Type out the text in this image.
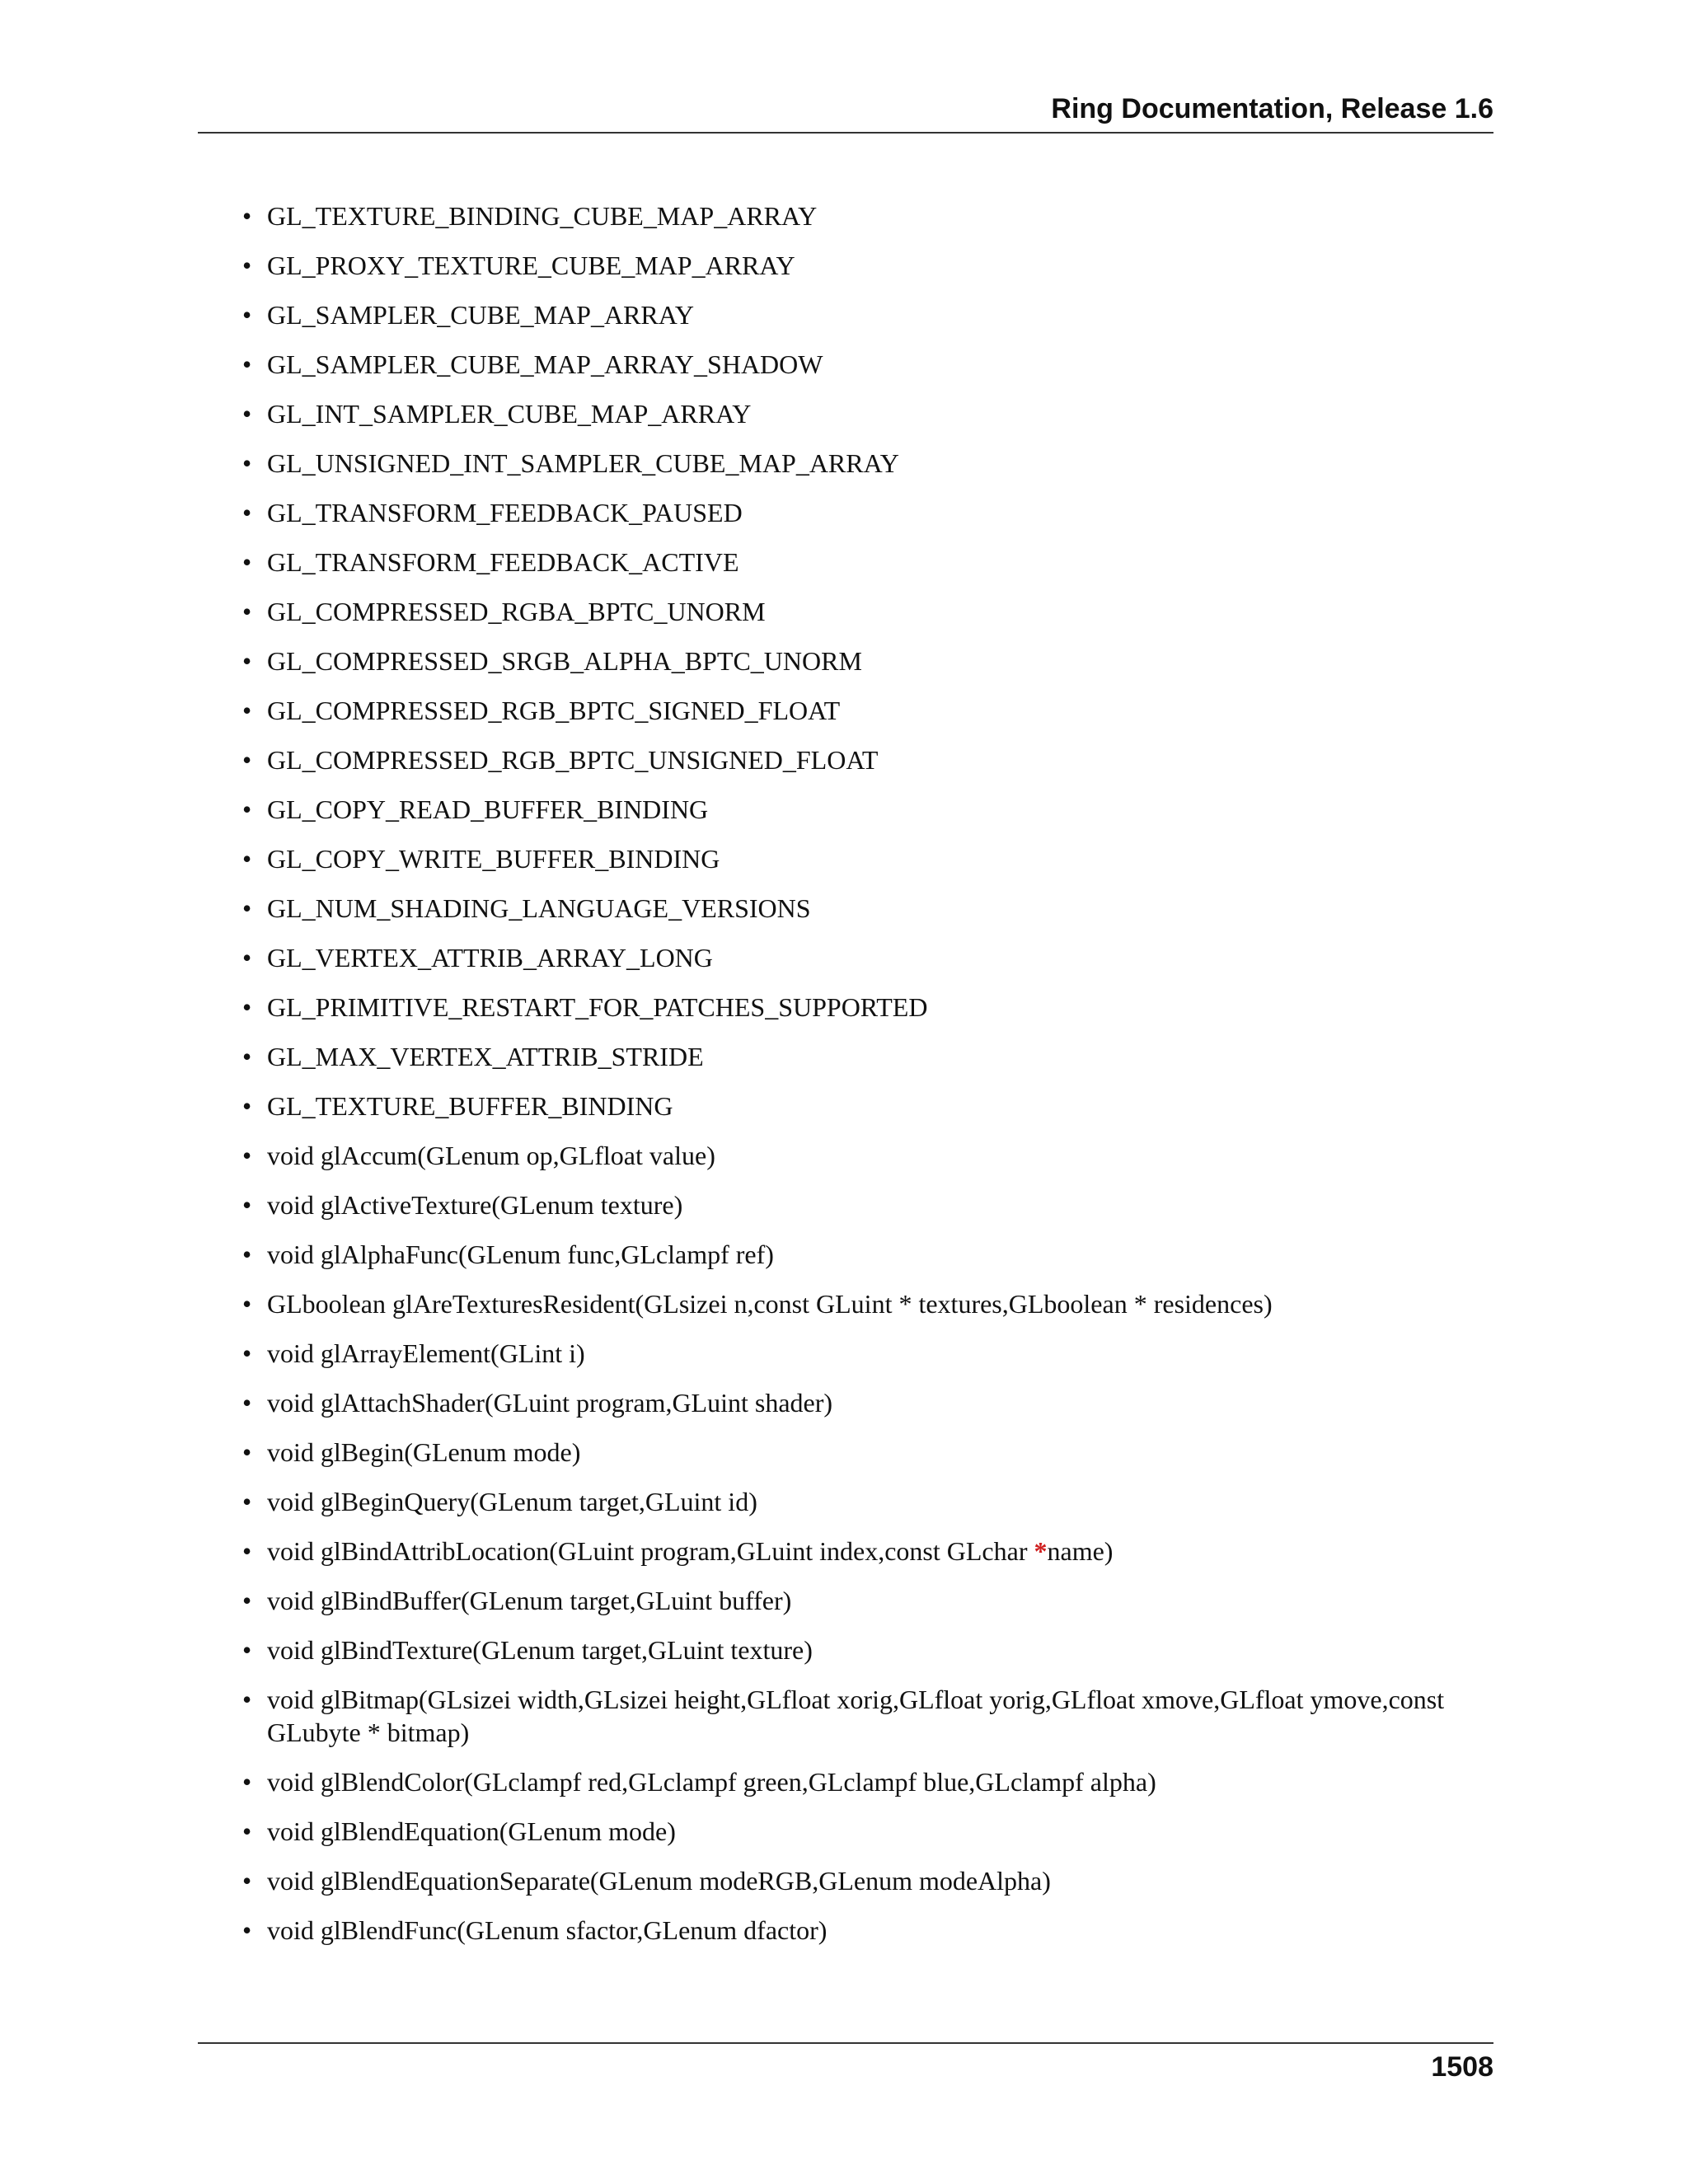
Ring Documentation, Release 1.6
• GL_TEXTURE_BINDING_CUBE_MAP_ARRAY
• GL_PROXY_TEXTURE_CUBE_MAP_ARRAY
• GL_SAMPLER_CUBE_MAP_ARRAY
• GL_SAMPLER_CUBE_MAP_ARRAY_SHADOW
• GL_INT_SAMPLER_CUBE_MAP_ARRAY
• GL_UNSIGNED_INT_SAMPLER_CUBE_MAP_ARRAY
• GL_TRANSFORM_FEEDBACK_PAUSED
• GL_TRANSFORM_FEEDBACK_ACTIVE
• GL_COMPRESSED_RGBA_BPTC_UNORM
• GL_COMPRESSED_SRGB_ALPHA_BPTC_UNORM
• GL_COMPRESSED_RGB_BPTC_SIGNED_FLOAT
• GL_COMPRESSED_RGB_BPTC_UNSIGNED_FLOAT
• GL_COPY_READ_BUFFER_BINDING
• GL_COPY_WRITE_BUFFER_BINDING
• GL_NUM_SHADING_LANGUAGE_VERSIONS
• GL_VERTEX_ATTRIB_ARRAY_LONG
• GL_PRIMITIVE_RESTART_FOR_PATCHES_SUPPORTED
• GL_MAX_VERTEX_ATTRIB_STRIDE
• GL_TEXTURE_BUFFER_BINDING
• void glAccum(GLenum op,GLfloat value)
• void glActiveTexture(GLenum texture)
• void glAlphaFunc(GLenum func,GLclampf ref)
• GLboolean glAreTexturesResident(GLsizei n,const GLuint * textures,GLboolean * residences)
• void glArrayElement(GLint i)
• void glAttachShader(GLuint program,GLuint shader)
• void glBegin(GLenum mode)
• void glBeginQuery(GLenum target,GLuint id)
• void glBindAttribLocation(GLuint program,GLuint index,const GLchar *name)
• void glBindBuffer(GLenum target,GLuint buffer)
• void glBindTexture(GLenum target,GLuint texture)
• void glBitmap(GLsizei width,GLsizei height,GLfloat xorig,GLfloat yorig,GLfloat xmove,GLfloat ymove,const GLubyte * bitmap)
• void glBlendColor(GLclampf red,GLclampf green,GLclampf blue,GLclampf alpha)
• void glBlendEquation(GLenum mode)
• void glBlendEquationSeparate(GLenum modeRGB,GLenum modeAlpha)
• void glBlendFunc(GLenum sfactor,GLenum dfactor)
1508
